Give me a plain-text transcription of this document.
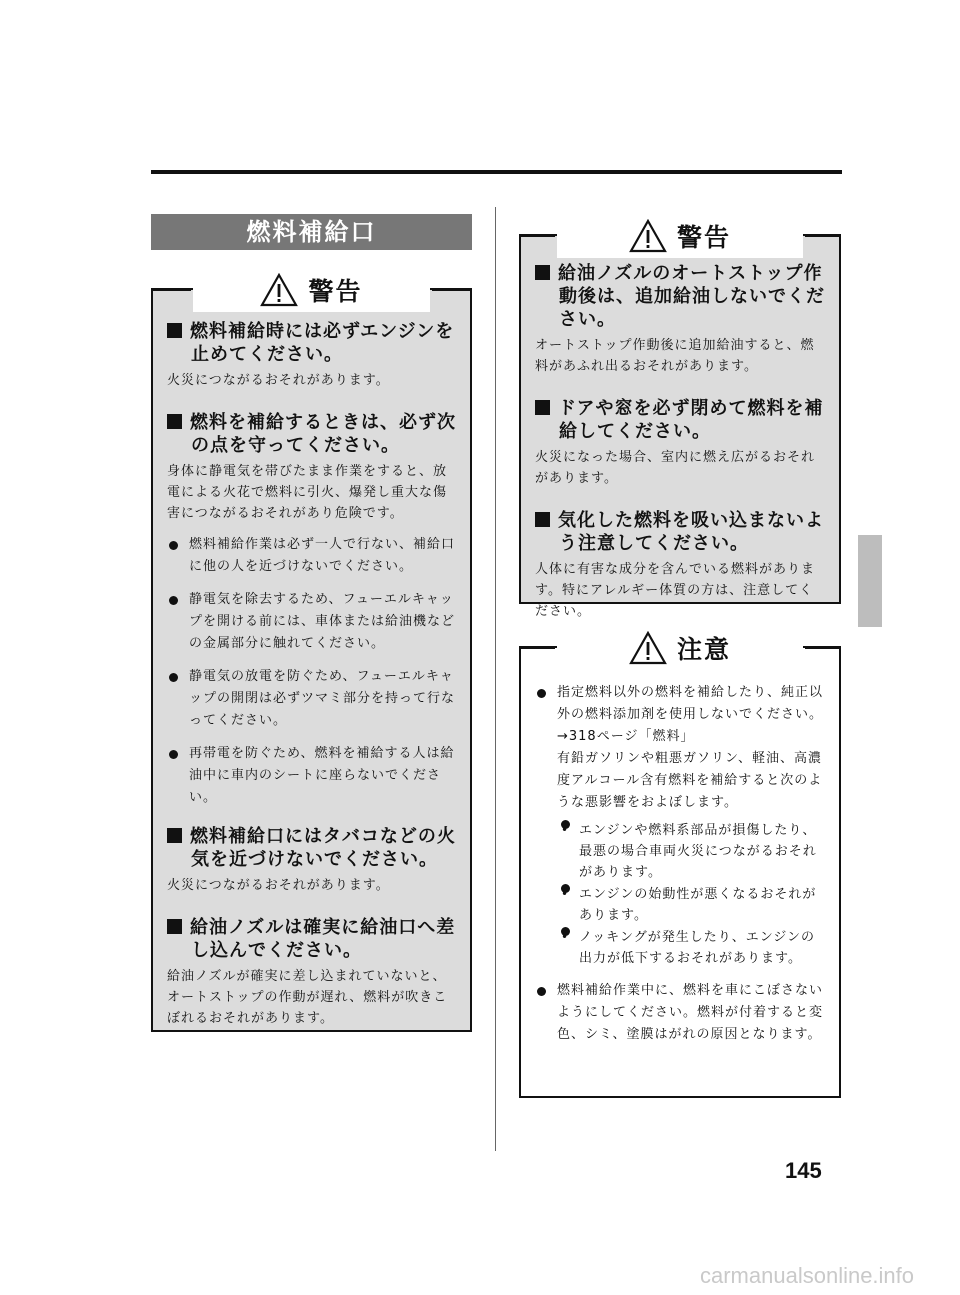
燃料補給口
警告

燃料補給時には必ずエンジンを止めてください。

火災につながるおそれがあります。

燃料を補給するときは、必ず次の点を守ってください。

身体に静電気を帯びたまま作業をすると、放電による火花で燃料に引火、爆発し重大な傷害につながるおそれがあり危険です。

燃料補給作業は必ず一人で行ない、補給口に他の人を近づけないでください。
静電気を除去するため、フューエルキャップを開ける前には、車体または給油機などの金属部分に触れてください。
静電気の放電を防ぐため、フューエルキャップの開閉は必ずツマミ部分を持って行なってください。
再帯電を防ぐため、燃料を補給する人は給油中に車内のシートに座らないでください。

燃料補給口にはタバコなどの火気を近づけないでください。

火災につながるおそれがあります。

給油ノズルは確実に給油口へ差し込んでください。

給油ノズルが確実に差し込まれていないと、オートストップの作動が遅れ、燃料が吹きこぼれるおそれがあります。

警告

給油ノズルのオートストップ作動後は、追加給油しないでください。

オートストップ作動後に追加給油すると、燃料があふれ出るおそれがあります。

ドアや窓を必ず閉めて燃料を補給してください。

火災になった場合、室内に燃え広がるおそれがあります。

気化した燃料を吸い込まないよう注意してください。

人体に有害な成分を含んでいる燃料があります。特にアレルギー体質の方は、注意してください。

注意
指定燃料以外の燃料を補給したり、純正以外の燃料添加剤を使用しないでください。
→318ページ「燃料」
有鉛ガソリンや粗悪ガソリン、軽油、高濃度アルコール含有燃料を補給すると次のような悪影響をおよぼします。
• エンジンや燃料系部品が損傷したり、最悪の場合車両火災につながるおそれがあります。
• エンジンの始動性が悪くなるおそれがあります。
• ノッキングが発生したり、エンジンの出力が低下するおそれがあります。
燃料補給作業中に、燃料を車にこぼさないようにしてください。燃料が付着すると変色、シミ、塗膜はがれの原因となります。
145
carmanualsonline.info
